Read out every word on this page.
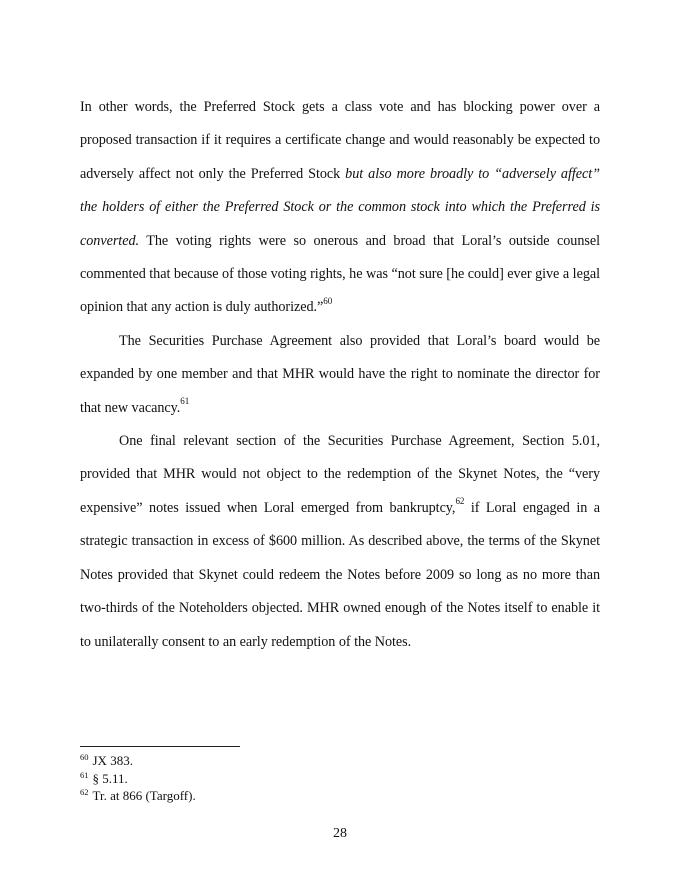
In other words, the Preferred Stock gets a class vote and has blocking power over a proposed transaction if it requires a certificate change and would reasonably be expected to adversely affect not only the Preferred Stock but also more broadly to “adversely affect” the holders of either the Preferred Stock or the common stock into which the Preferred is converted. The voting rights were so onerous and broad that Loral’s outside counsel commented that because of those voting rights, he was “not sure [he could] ever give a legal opinion that any action is duly authorized.”$^{60}$

The Securities Purchase Agreement also provided that Loral’s board would be expanded by one member and that MHR would have the right to nominate the director for that new vacancy.$^{61}$

One final relevant section of the Securities Purchase Agreement, Section 5.01, provided that MHR would not object to the redemption of the Skynet Notes, the “very expensive” notes issued when Loral emerged from bankruptcy,$^{62}$ if Loral engaged in a strategic transaction in excess of $600 million. As described above, the terms of the Skynet Notes provided that Skynet could redeem the Notes before 2009 so long as no more than two-thirds of the Noteholders objected. MHR owned enough of the Notes itself to enable it to unilaterally consent to an early redemption of the Notes.

$^{60}$ JX 383.
$^{61}$ § 5.11.
$^{62}$ Tr. at 866 (Targoff).
28
